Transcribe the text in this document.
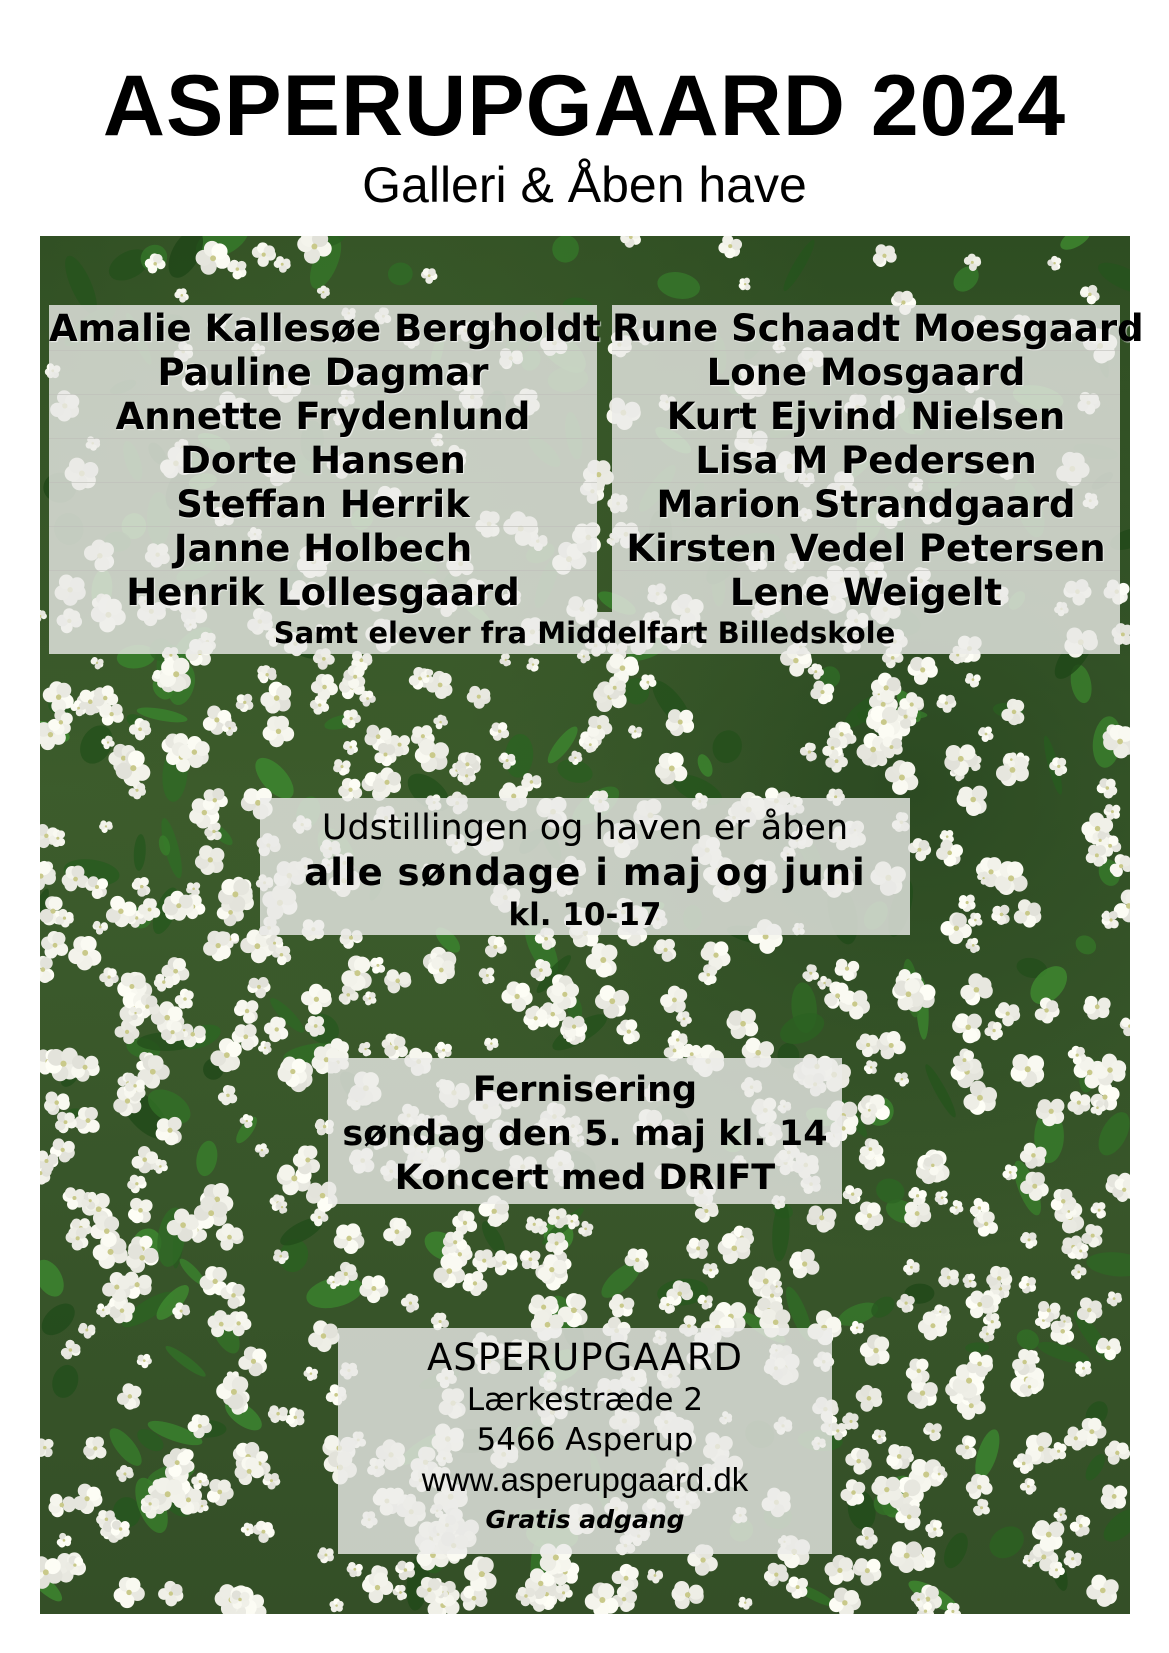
ASPERUPGAARD 2024
Galleri & Åben have
Amalie Kallesøe Bergholdt
Pauline Dagmar
Annette Frydenlund
Dorte Hansen
Steffan Herrik
Janne Holbech
Henrik Lollesgaard
Rune Schaadt Moesgaard
Lone Mosgaard
Kurt Ejvind Nielsen
Lisa M Pedersen
Marion Strandgaard
Kirsten Vedel Petersen
Lene Weigelt
Samt elever fra Middelfart Billedskole
Udstillingen og haven er åben
alle søndage i maj og juni
kl. 10-17
Fernisering
søndag den 5. maj kl. 14
Koncert med DRIFT
ASPERUPGAARD
Lærkestræde 2
5466 Asperup
www.asperupgaard.dk
Gratis adgang
